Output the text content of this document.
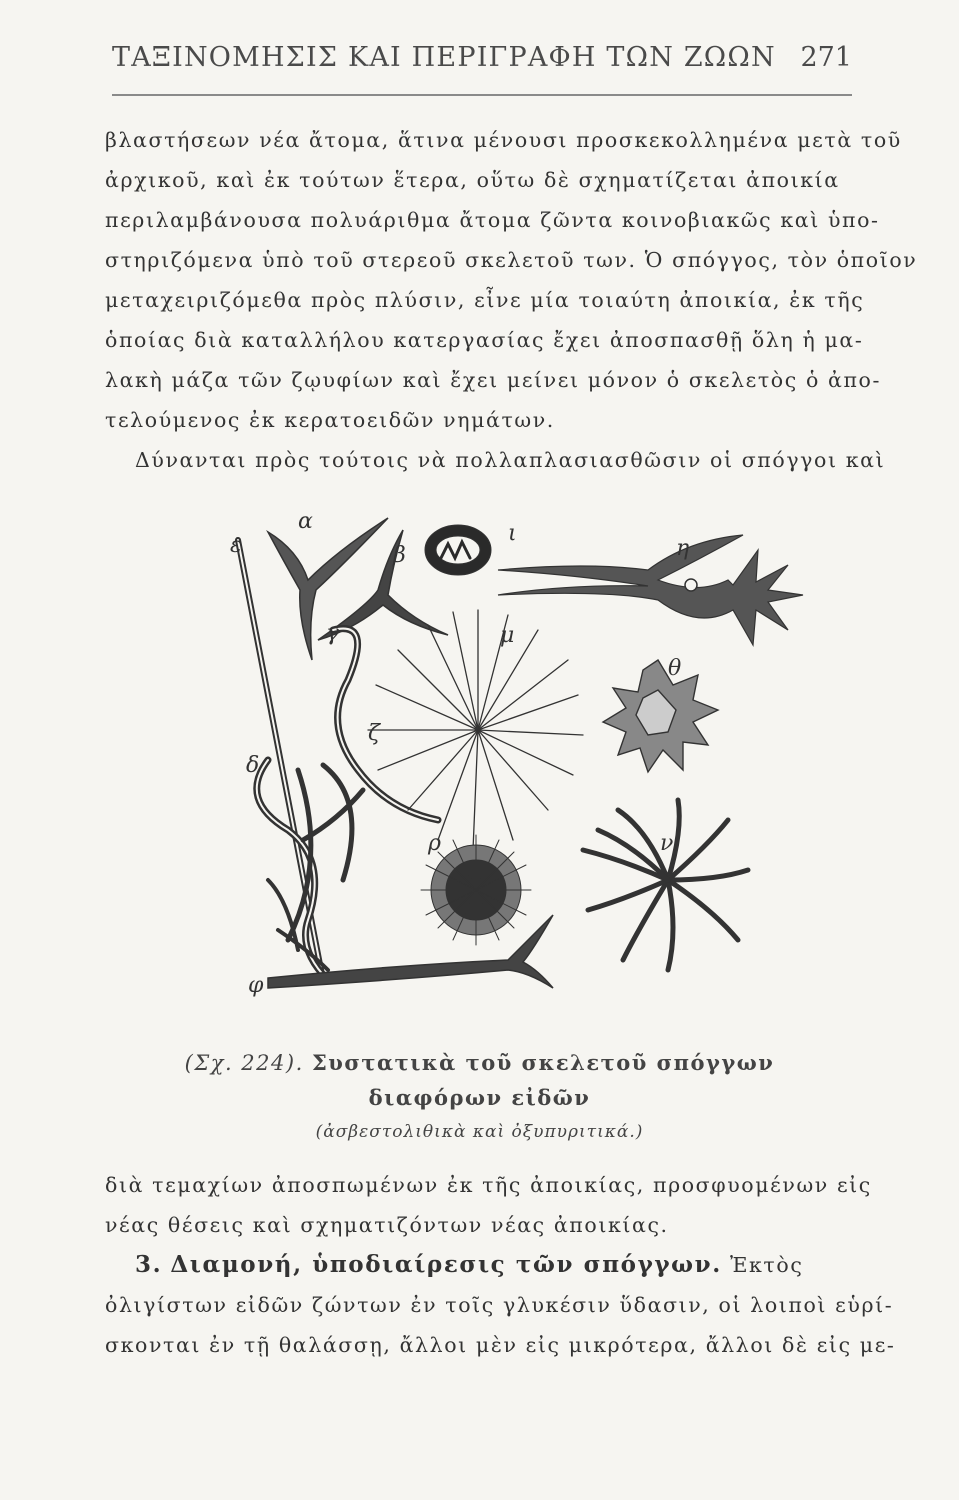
ΤΑΞΙΝΟΜΗΣΙΣ ΚΑΙ ΠΕΡΙΓΡΑΦΗ ΤΩΝ ΖΩΩΝ 271
βλαστήσεων νέα ἄτομα, ἅτινα μένουσι προσκεκολλημένα μετὰ τοῦ
ἀρχικοῦ, καὶ ἐκ τούτων ἕτερα, οὕτω δὲ σχηματίζεται ἀποικία
περιλαμβάνουσα πολυάριθμα ἄτομα ζῶντα κοινοβιακῶς καὶ ὑπο-
στηριζόμενα ὑπὸ τοῦ στερεοῦ σκελετοῦ των. Ὁ σπόγγος, τὸν ὁποῖον
μεταχειριζόμεθα πρὸς πλύσιν, εἶνε μία τοιαύτη ἀποικία, ἐκ τῆς
ὁποίας διὰ καταλλήλου κατεργασίας ἔχει ἀποσπασθῇ ὅλη ἡ μα-
λακὴ μάζα τῶν ζῳυφίων καὶ ἔχει μείνει μόνον ὁ σκελετὸς ὁ ἀπο-
τελούμενος ἐκ κερατοειδῶν νημάτων.
Δύνανται πρὸς τούτοις νὰ πολλαπλασιασθῶσιν οἱ σπόγγοι καὶ
α
β
γ
δ
ε
ζ
θ
ι
μ
ν
η
ρ
φ
(Σχ. 224). Συστατικὰ τοῦ σκελετοῦ σπόγγων
διαφόρων εἰδῶν
(ἀσβεστολιθικὰ καὶ ὀξυπυριτικά.)
διὰ τεμαχίων ἀποσπωμένων ἐκ τῆς ἀποικίας, προσφυομένων εἰς
νέας θέσεις καὶ σχηματιζόντων νέας ἀποικίας.
3. Διαμονή, ὑποδιαίρεσις τῶν σπόγγων. Ἐκτὸς
ὀλιγίστων εἰδῶν ζώντων ἐν τοῖς γλυκέσιν ὕδασιν, οἱ λοιποὶ εὑρί-
σκονται ἐν τῇ θαλάσσῃ, ἄλλοι μὲν εἰς μικρότερα, ἄλλοι δὲ εἰς με-
